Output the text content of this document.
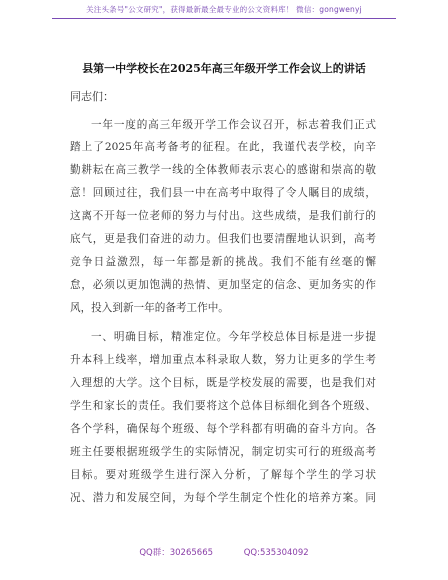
关注头条号"公文研究"，获得最新最全最专业的公文资料库！ 微信：gongwenyj
县第一中学校长在2025年高三年级开学工作会议上的讲话
同志们：
一年一度的高三年级开学工作会议召开，标志着我们正式
踏上了2025年高考备考的征程。在此，我谨代表学校，向辛
勤耕耘在高三教学一线的全体教师表示衷心的感谢和崇高的敬
意！回顾过往，我们县一中在高考中取得了令人瞩目的成绩，
这离不开每一位老师的努力与付出。这些成绩，是我们前行的
底气，更是我们奋进的动力。但我们也要清醒地认识到，高考
竞争日益激烈，每一年都是新的挑战。我们不能有丝毫的懈
怠，必须以更加饱满的热情、更加坚定的信念、更加务实的作
风，投入到新一年的备考工作中。
一、明确目标，精准定位。今年学校总体目标是进一步提
升本科上线率，增加重点本科录取人数，努力让更多的学生考
入理想的大学。这个目标，既是学校发展的需要，也是我们对
学生和家长的责任。我们要将这个总体目标细化到各个班级、
各个学科，确保每个班级、每个学科都有明确的奋斗方向。各
班主任要根据班级学生的实际情况，制定切实可行的班级高考
目标。要对班级学生进行深入分析，了解每个学生的学习状
况、潜力和发展空间，为每个学生制定个性化的培养方案。同
QQ群：30265665	QQ:535304092
